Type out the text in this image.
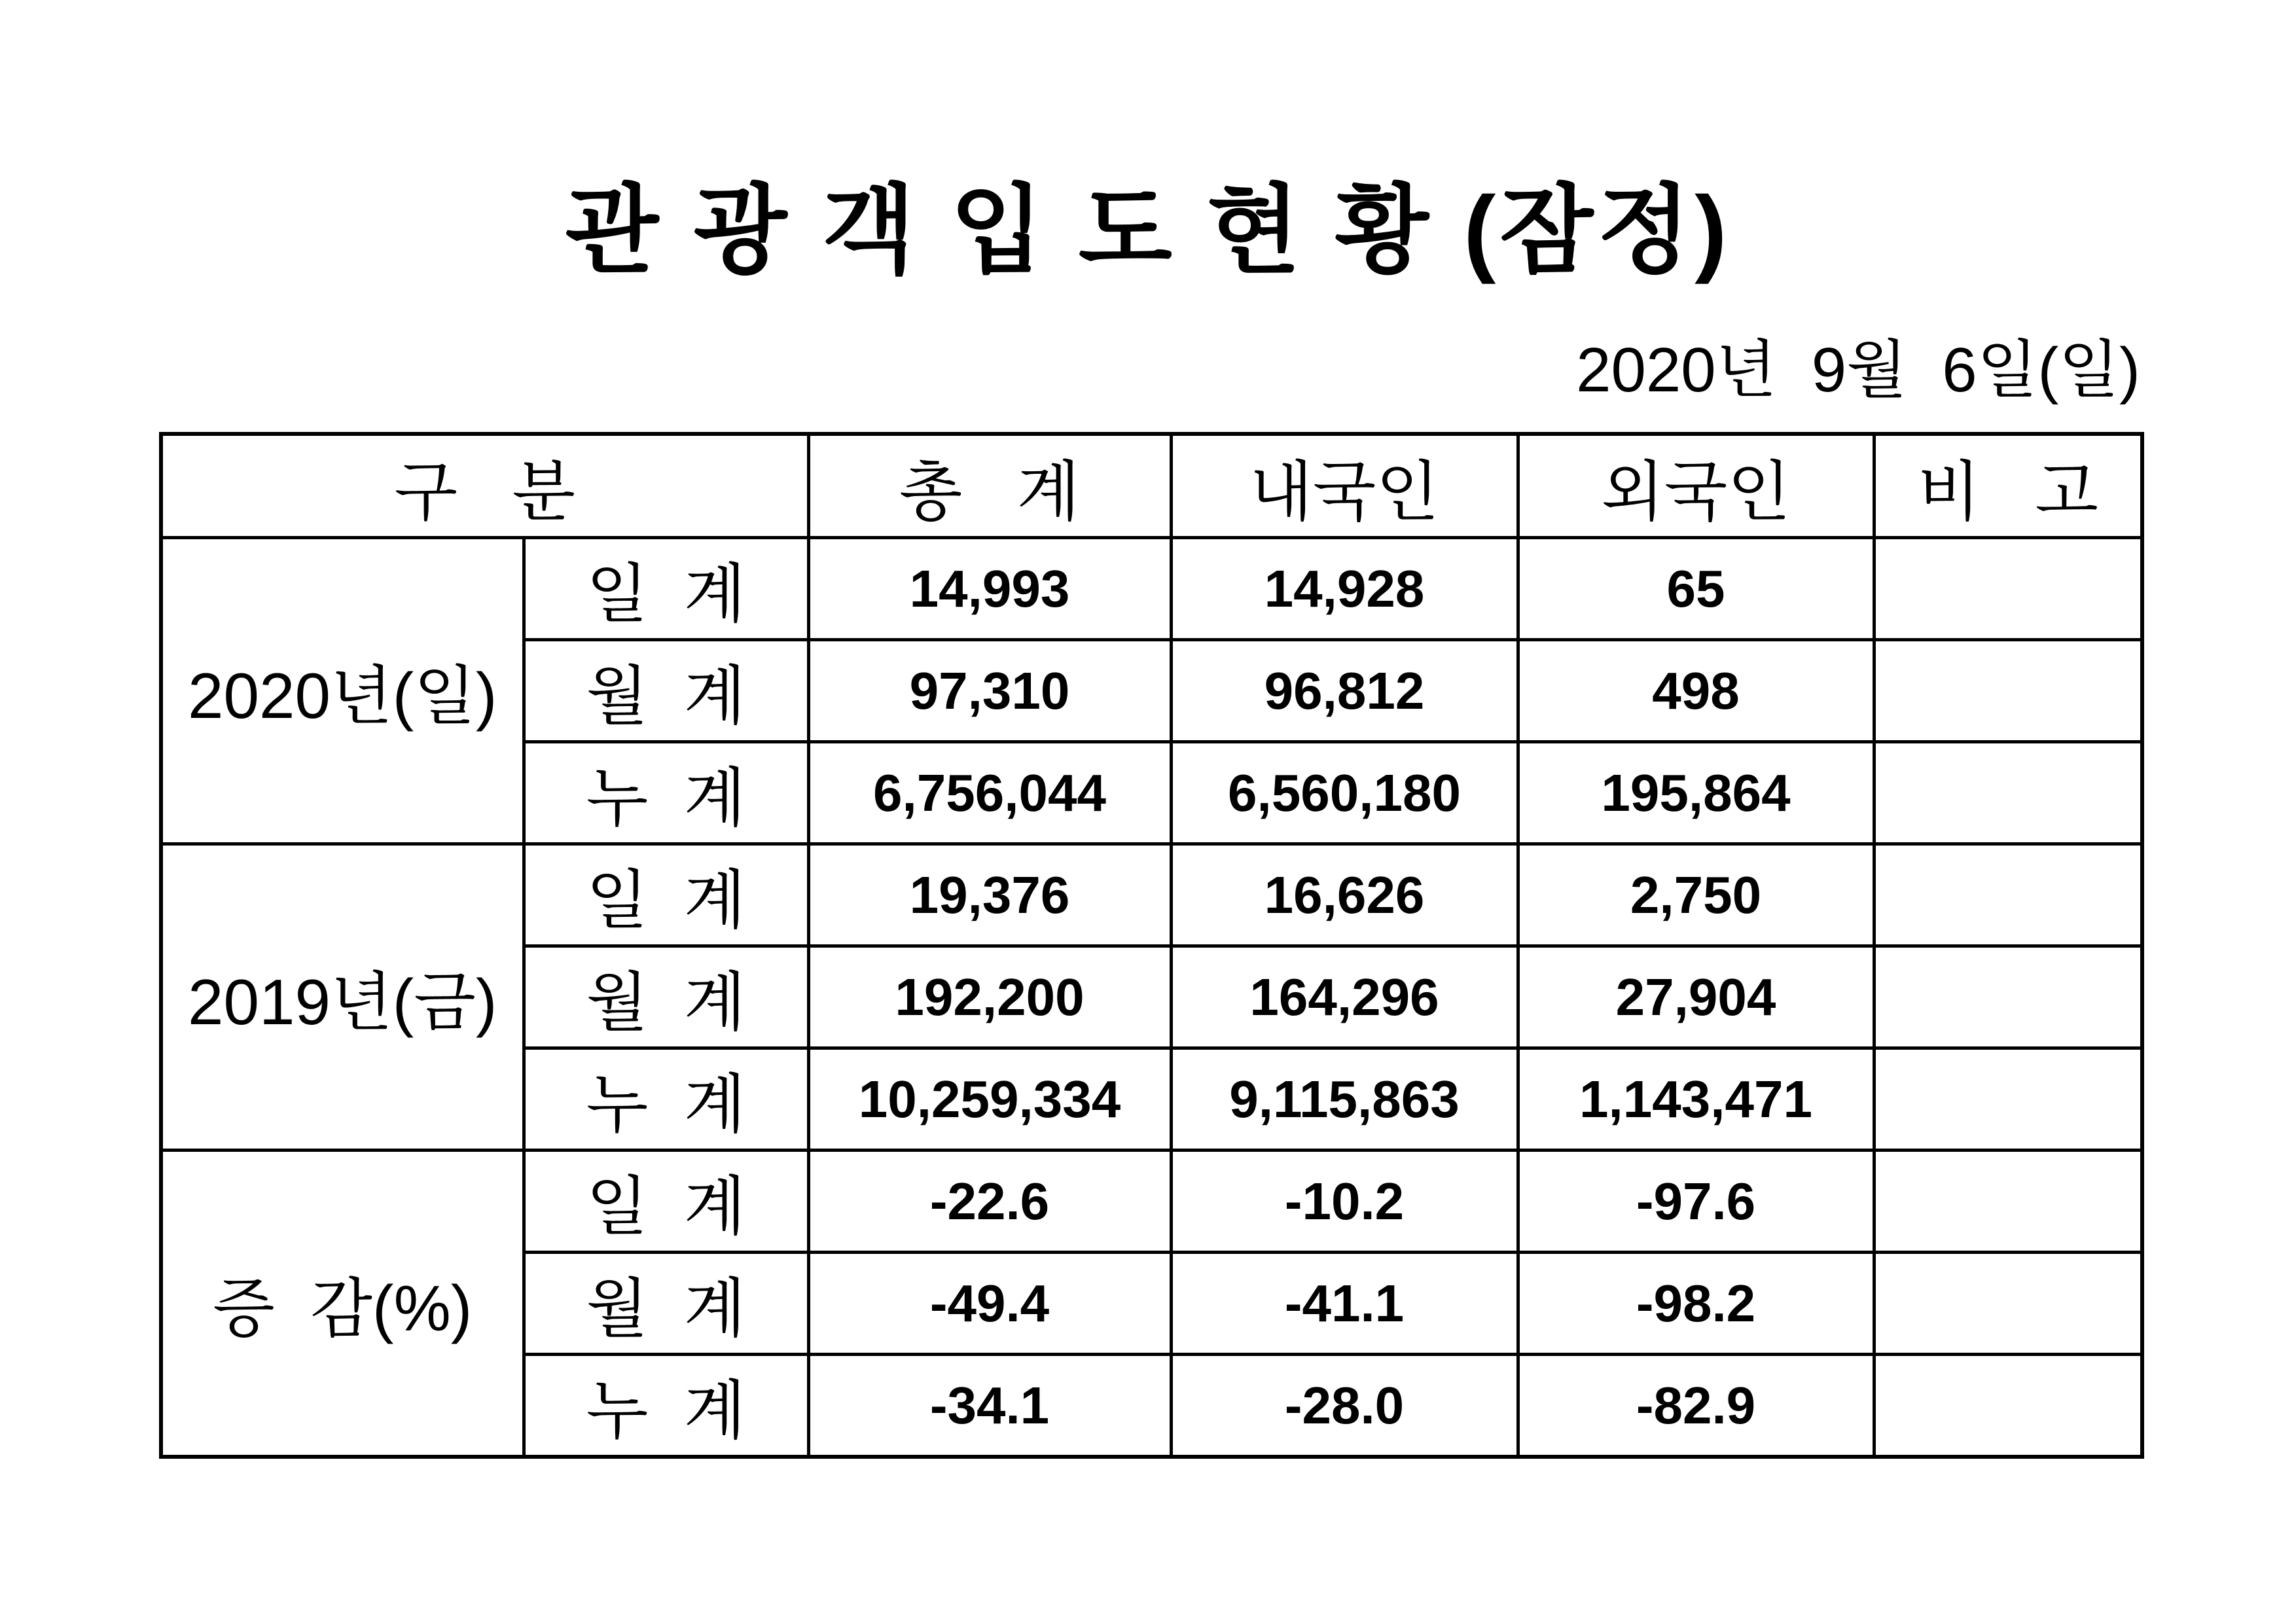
관 광 객 입 도 현 황 (잠정)
2020년  9월  6일(일)
구   분		총   계	내국인	외국인	비   고
2020년(일)	일  계	14,993	14,928	65	
	월  계	97,310	96,812	498	
	누  계	6,756,044	6,560,180	195,864	
2019년(금)	일  계	19,376	16,626	2,750	
	월  계	192,200	164,296	27,904	
	누  계	10,259,334	9,115,863	1,143,471	
증  감(%)	일  계	-22.6	-10.2	-97.6	
	월  계	-49.4	-41.1	-98.2	
	누  계	-34.1	-28.0	-82.9	
